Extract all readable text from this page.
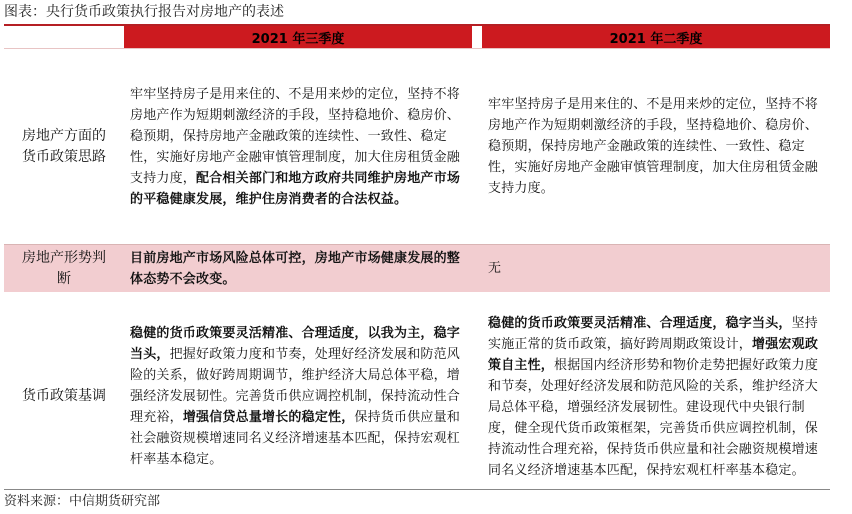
图表：央行货币政策执行报告对房地产的表述
	2021 年三季度		2021 年二季度
房地产方面的
货币政策思路	牢牢坚持房子是用来住的、不是用来炒的定位，坚持不将房地产作为短期刺激经济的手段，坚持稳地价、稳房价、稳预期，保持房地产金融政策的连续性、一致性、稳定性，实施好房地产金融审慎管理制度，加大住房租赁金融支持力度，配合相关部门和地方政府共同维护房地产市场的平稳健康发展，维护住房消费者的合法权益。		牢牢坚持房子是用来住的、不是用来炒的定位，坚持不将房地产作为短期刺激经济的手段，坚持稳地价、稳房价、稳预期，保持房地产金融政策的连续性、一致性、稳定性，实施好房地产金融审慎管理制度，加大住房租赁金融支持力度。
房地产形势判
断	目前房地产市场风险总体可控，房地产市场健康发展的整体态势不会改变。		无
货币政策基调	稳健的货币政策要灵活精准、合理适度，以我为主，稳字当头，把握好政策力度和节奏，处理好经济发展和防范风险的关系，做好跨周期调节，维护经济大局总体平稳，增强经济发展韧性。完善货币供应调控机制，保持流动性合理充裕，增强信贷总量增长的稳定性，保持货币供应量和社会融资规模增速同名义经济增速基本匹配，保持宏观杠杆率基本稳定。		稳健的货币政策要灵活精准、合理适度，稳字当头，坚持实施正常的货币政策，搞好跨周期政策设计，增强宏观政策自主性，根据国内经济形势和物价走势把握好政策力度和节奏，处理好经济发展和防范风险的关系，维护经济大局总体平稳，增强经济发展韧性。建设现代中央银行制度，健全现代货币政策框架，完善货币供应调控机制，保持流动性合理充裕，保持货币供应量和社会融资规模增速同名义经济增速基本匹配，保持宏观杠杆率基本稳定。
资料来源：中信期货研究部
